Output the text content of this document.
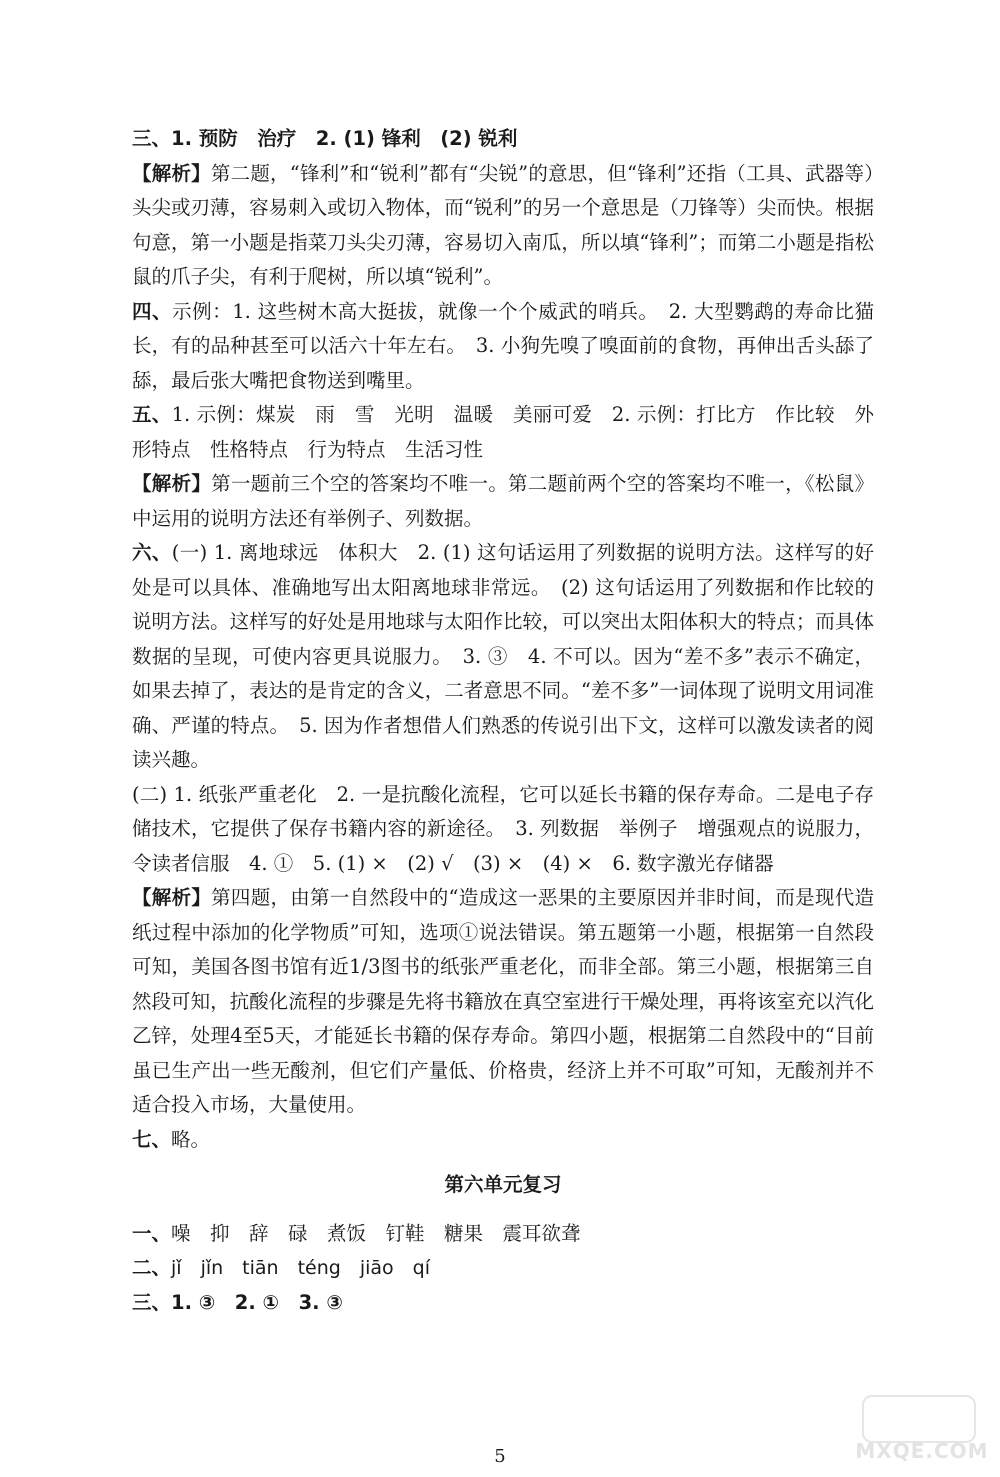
三、1. 预防　治疗　2. (1) 锋利　(2) 锐利

【解析】第二题，“锋利”和“锐利”都有“尖锐”的意思，但“锋利”还指（工具、武器等）头尖或刃薄，容易刺入或切入物体，而“锐利”的另一个意思是（刀锋等）尖而快。根据句意，第一小题是指菜刀头尖刃薄，容易切入南瓜，所以填“锋利”；而第二小题是指松鼠的爪子尖，有利于爬树，所以填“锐利”。

四、示例：1. 这些树木高大挺拔，就像一个个威武的哨兵。　2. 大型鹦鹉的寿命比猫长，有的品种甚至可以活六十年左右。　3. 小狗先嗅了嗅面前的食物，再伸出舌头舔了舔，最后张大嘴把食物送到嘴里。

五、1. 示例：煤炭　雨　雪　光明　温暖　美丽可爱　2. 示例：打比方　作比较　外形特点　性格特点　行为特点　生活习性

【解析】第一题前三个空的答案均不唯一。第二题前两个空的答案均不唯一，《松鼠》中运用的说明方法还有举例子、列数据。

六、(一) 1. 离地球远　体积大　2. (1) 这句话运用了列数据的说明方法。这样写的好处是可以具体、准确地写出太阳离地球非常远。　(2) 这句话运用了列数据和作比较的说明方法。这样写的好处是用地球与太阳作比较，可以突出太阳体积大的特点；而具体数据的呈现，可使内容更具说服力。　3. ③　4. 不可以。因为“差不多”表示不确定，如果去掉了，表达的是肯定的含义，二者意思不同。“差不多”一词体现了说明文用词准确、严谨的特点。　5. 因为作者想借人们熟悉的传说引出下文，这样可以激发读者的阅读兴趣。

(二) 1. 纸张严重老化　2. 一是抗酸化流程，它可以延长书籍的保存寿命。二是电子存储技术，它提供了保存书籍内容的新途径。　3. 列数据　举例子　增强观点的说服力，令读者信服　4. ①　5. (1) ×　(2) √　(3) ×　(4) ×　6. 数字激光存储器

【解析】第四题，由第一自然段中的“造成这一恶果的主要原因并非时间，而是现代造纸过程中添加的化学物质”可知，选项①说法错误。第五题第一小题，根据第一自然段可知，美国各图书馆有近1/3图书的纸张严重老化，而非全部。第三小题，根据第三自然段可知，抗酸化流程的步骤是先将书籍放在真空室进行干燥处理，再将该室充以汽化乙锌，处理4至5天，才能延长书籍的保存寿命。第四小题，根据第二自然段中的“目前虽已生产出一些无酸剂，但它们产量低、价格贵，经济上并不可取”可知，无酸剂并不适合投入市场，大量使用。

七、略。

第六单元复习

一、噪　抑　辞　碌　煮饭　钉鞋　糖果　震耳欲聋

二、jǐ　jǐn　tiān　téng　jiāo　qí

三、1. ③　2. ①　3. ③

MXQE.COM
5
